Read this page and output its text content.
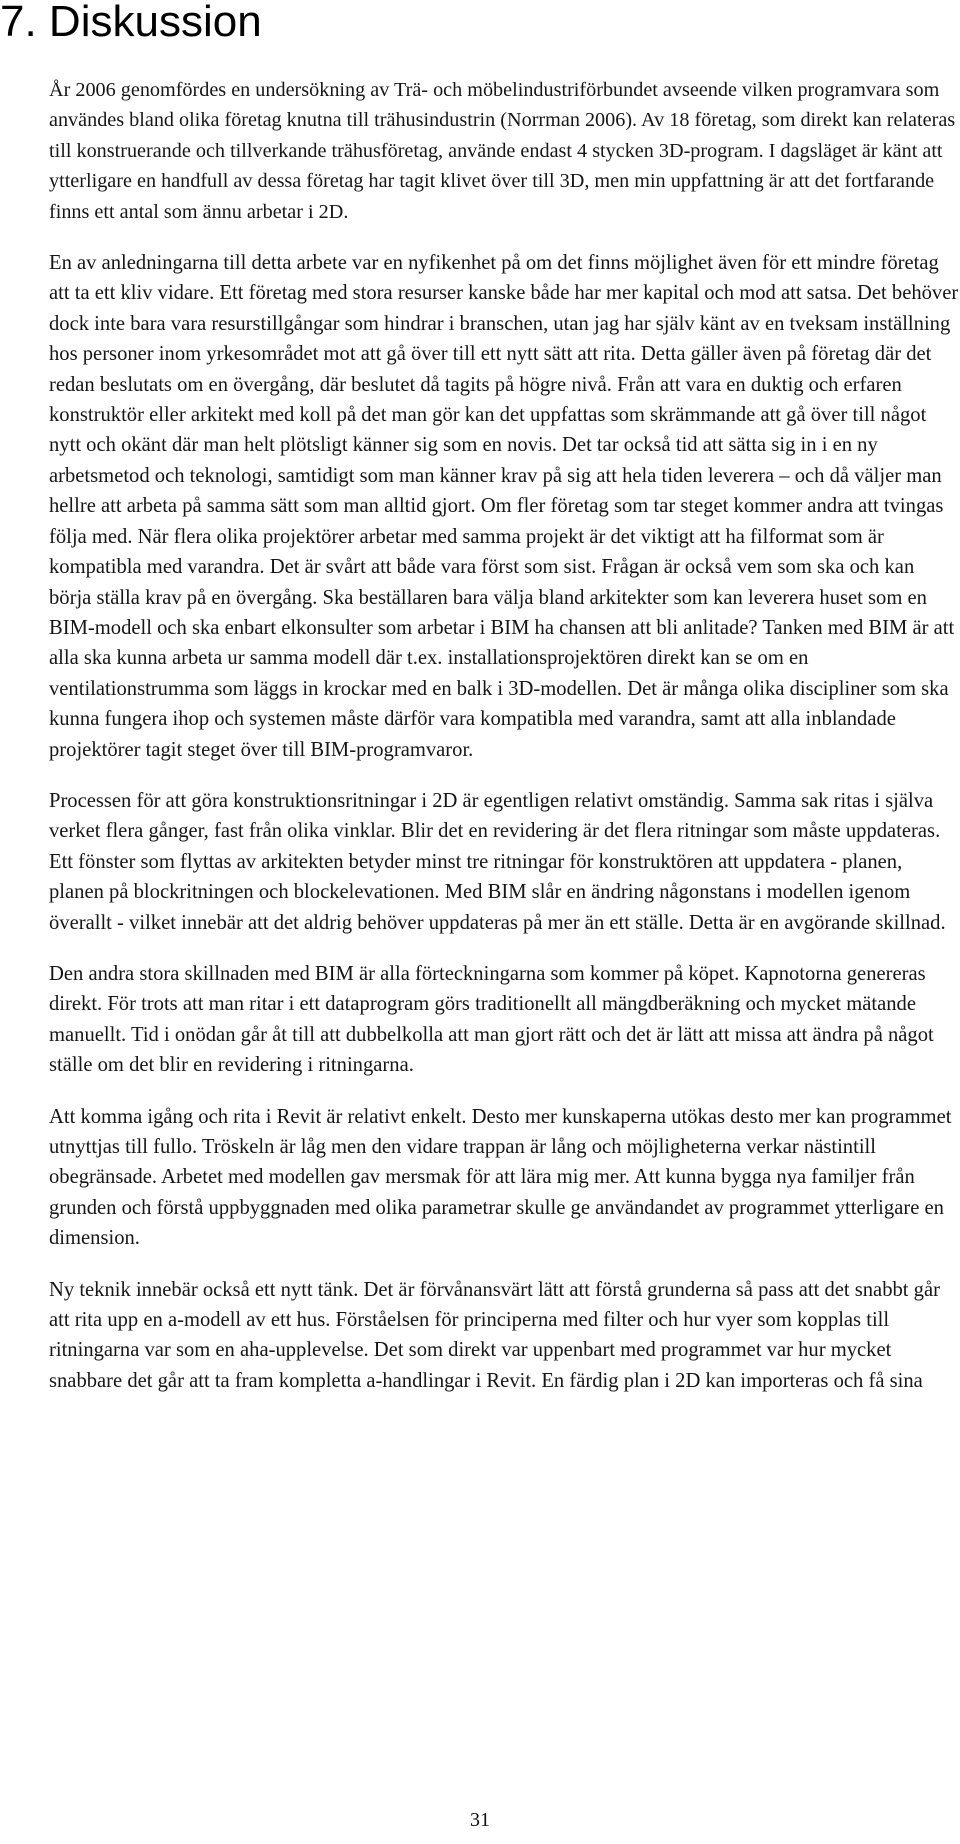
7. Diskussion

År 2006 genomfördes en undersökning av Trä- och möbelindustriförbundet avseende vilken programvara som användes bland olika företag knutna till trähusindustrin (Norrman 2006). Av 18 företag, som direkt kan relateras till konstruerande och tillverkande trähusföretag, använde endast 4 stycken 3D-program. I dagsläget är känt att ytterligare en handfull av dessa företag har tagit klivet över till 3D, men min uppfattning är att det fortfarande finns ett antal som ännu arbetar i 2D.

En av anledningarna till detta arbete var en nyfikenhet på om det finns möjlighet även för ett mindre företag att ta ett kliv vidare. Ett företag med stora resurser kanske både har mer kapital och mod att satsa. Det behöver dock inte bara vara resurstillgångar som hindrar i branschen, utan jag har själv känt av en tveksam inställning hos personer inom yrkesområdet mot att gå över till ett nytt sätt att rita. Detta gäller även på företag där det redan beslutats om en övergång, där beslutet då tagits på högre nivå. Från att vara en duktig och erfaren konstruktör eller arkitekt med koll på det man gör kan det uppfattas som skrämmande att gå över till något nytt och okänt där man helt plötsligt känner sig som en novis. Det tar också tid att sätta sig in i en ny arbetsmetod och teknologi, samtidigt som man känner krav på sig att hela tiden leverera – och då väljer man hellre att arbeta på samma sätt som man alltid gjort. Om fler företag som tar steget kommer andra att tvingas följa med. När flera olika projektörer arbetar med samma projekt är det viktigt att ha filformat som är kompatibla med varandra. Det är svårt att både vara först som sist. Frågan är också vem som ska och kan börja ställa krav på en övergång. Ska beställaren bara välja bland arkitekter som kan leverera huset som en BIM-modell och ska enbart elkonsulter som arbetar i BIM ha chansen att bli anlitade? Tanken med BIM är att alla ska kunna arbeta ur samma modell där t.ex. installationsprojektören direkt kan se om en ventilationstrumma som läggs in krockar med en balk i 3D-modellen. Det är många olika discipliner som ska kunna fungera ihop och systemen måste därför vara kompatibla med varandra, samt att alla inblandade projektörer tagit steget över till BIM-programvaror.

Processen för att göra konstruktionsritningar i 2D är egentligen relativt omständig. Samma sak ritas i själva verket flera gånger, fast från olika vinklar. Blir det en revidering är det flera ritningar som måste uppdateras. Ett fönster som flyttas av arkitekten betyder minst tre ritningar för konstruktören att uppdatera - planen, planen på blockritningen och blockelevationen. Med BIM slår en ändring någonstans i modellen igenom överallt - vilket innebär att det aldrig behöver uppdateras på mer än ett ställe. Detta är en avgörande skillnad.

Den andra stora skillnaden med BIM är alla förteckningarna som kommer på köpet. Kapnotorna genereras direkt. För trots att man ritar i ett dataprogram görs traditionellt all mängdberäkning och mycket mätande manuellt. Tid i onödan går åt till att dubbelkolla att man gjort rätt och det är lätt att missa att ändra på något ställe om det blir en revidering i ritningarna.

Att komma igång och rita i Revit är relativt enkelt. Desto mer kunskaperna utökas desto mer kan programmet utnyttjas till fullo. Tröskeln är låg men den vidare trappan är lång och möjligheterna verkar nästintill obegränsade. Arbetet med modellen gav mersmak för att lära mig mer. Att kunna bygga nya familjer från grunden och förstå uppbyggnaden med olika parametrar skulle ge användandet av programmet ytterligare en dimension.

Ny teknik innebär också ett nytt tänk. Det är förvånansvärt lätt att förstå grunderna så pass att det snabbt går att rita upp en a-modell av ett hus. Förståelsen för principerna med filter och hur vyer som kopplas till ritningarna var som en aha-upplevelse. Det som direkt var uppenbart med programmet var hur mycket snabbare det går att ta fram kompletta a-handlingar i Revit. En färdig plan i 2D kan importeras och få sina

31
